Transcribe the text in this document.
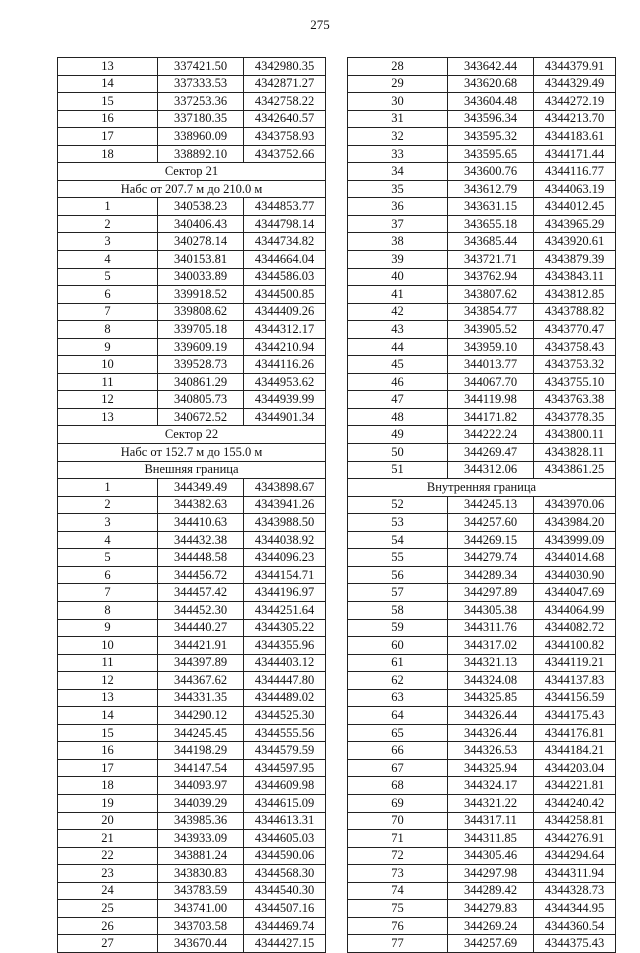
275
13	337421.50	4342980.35
14	337333.53	4342871.27
15	337253.36	4342758.22
16	337180.35	4342640.57
17	338960.09	4343758.93
18	338892.10	4343752.66
Сектор 21		
Набс от 207.7 м до 210.0 м		
1	340538.23	4344853.77
2	340406.43	4344798.14
3	340278.14	4344734.82
4	340153.81	4344664.04
5	340033.89	4344586.03
6	339918.52	4344500.85
7	339808.62	4344409.26
8	339705.18	4344312.17
9	339609.19	4344210.94
10	339528.73	4344116.26
11	340861.29	4344953.62
12	340805.73	4344939.99
13	340672.52	4344901.34
Сектор 22		
Набс от 152.7 м до 155.0 м		
Внешняя граница		
1	344349.49	4343898.67
2	344382.63	4343941.26
3	344410.63	4343988.50
4	344432.38	4344038.92
5	344448.58	4344096.23
6	344456.72	4344154.71
7	344457.42	4344196.97
8	344452.30	4344251.64
9	344440.27	4344305.22
10	344421.91	4344355.96
11	344397.89	4344403.12
12	344367.62	4344447.80
13	344331.35	4344489.02
14	344290.12	4344525.30
15	344245.45	4344555.56
16	344198.29	4344579.59
17	344147.54	4344597.95
18	344093.97	4344609.98
19	344039.29	4344615.09
20	343985.36	4344613.31
21	343933.09	4344605.03
22	343881.24	4344590.06
23	343830.83	4344568.30
24	343783.59	4344540.30
25	343741.00	4344507.16
26	343703.58	4344469.74
27	343670.44	4344427.15
28	343642.44	4344379.91
29	343620.68	4344329.49
30	343604.48	4344272.19
31	343596.34	4344213.70
32	343595.32	4344183.61
33	343595.65	4344171.44
34	343600.76	4344116.77
35	343612.79	4344063.19
36	343631.15	4344012.45
37	343655.18	4343965.29
38	343685.44	4343920.61
39	343721.71	4343879.39
40	343762.94	4343843.11
41	343807.62	4343812.85
42	343854.77	4343788.82
43	343905.52	4343770.47
44	343959.10	4343758.43
45	344013.77	4343753.32
46	344067.70	4343755.10
47	344119.98	4343763.38
48	344171.82	4343778.35
49	344222.24	4343800.11
50	344269.47	4343828.11
51	344312.06	4343861.25
Внутренняя граница		
52	344245.13	4343970.06
53	344257.60	4343984.20
54	344269.15	4343999.09
55	344279.74	4344014.68
56	344289.34	4344030.90
57	344297.89	4344047.69
58	344305.38	4344064.99
59	344311.76	4344082.72
60	344317.02	4344100.82
61	344321.13	4344119.21
62	344324.08	4344137.83
63	344325.85	4344156.59
64	344326.44	4344175.43
65	344326.44	4344176.81
66	344326.53	4344184.21
67	344325.94	4344203.04
68	344324.17	4344221.81
69	344321.22	4344240.42
70	344317.11	4344258.81
71	344311.85	4344276.91
72	344305.46	4344294.64
73	344297.98	4344311.94
74	344289.42	4344328.73
75	344279.83	4344344.95
76	344269.24	4344360.54
77	344257.69	4344375.43
